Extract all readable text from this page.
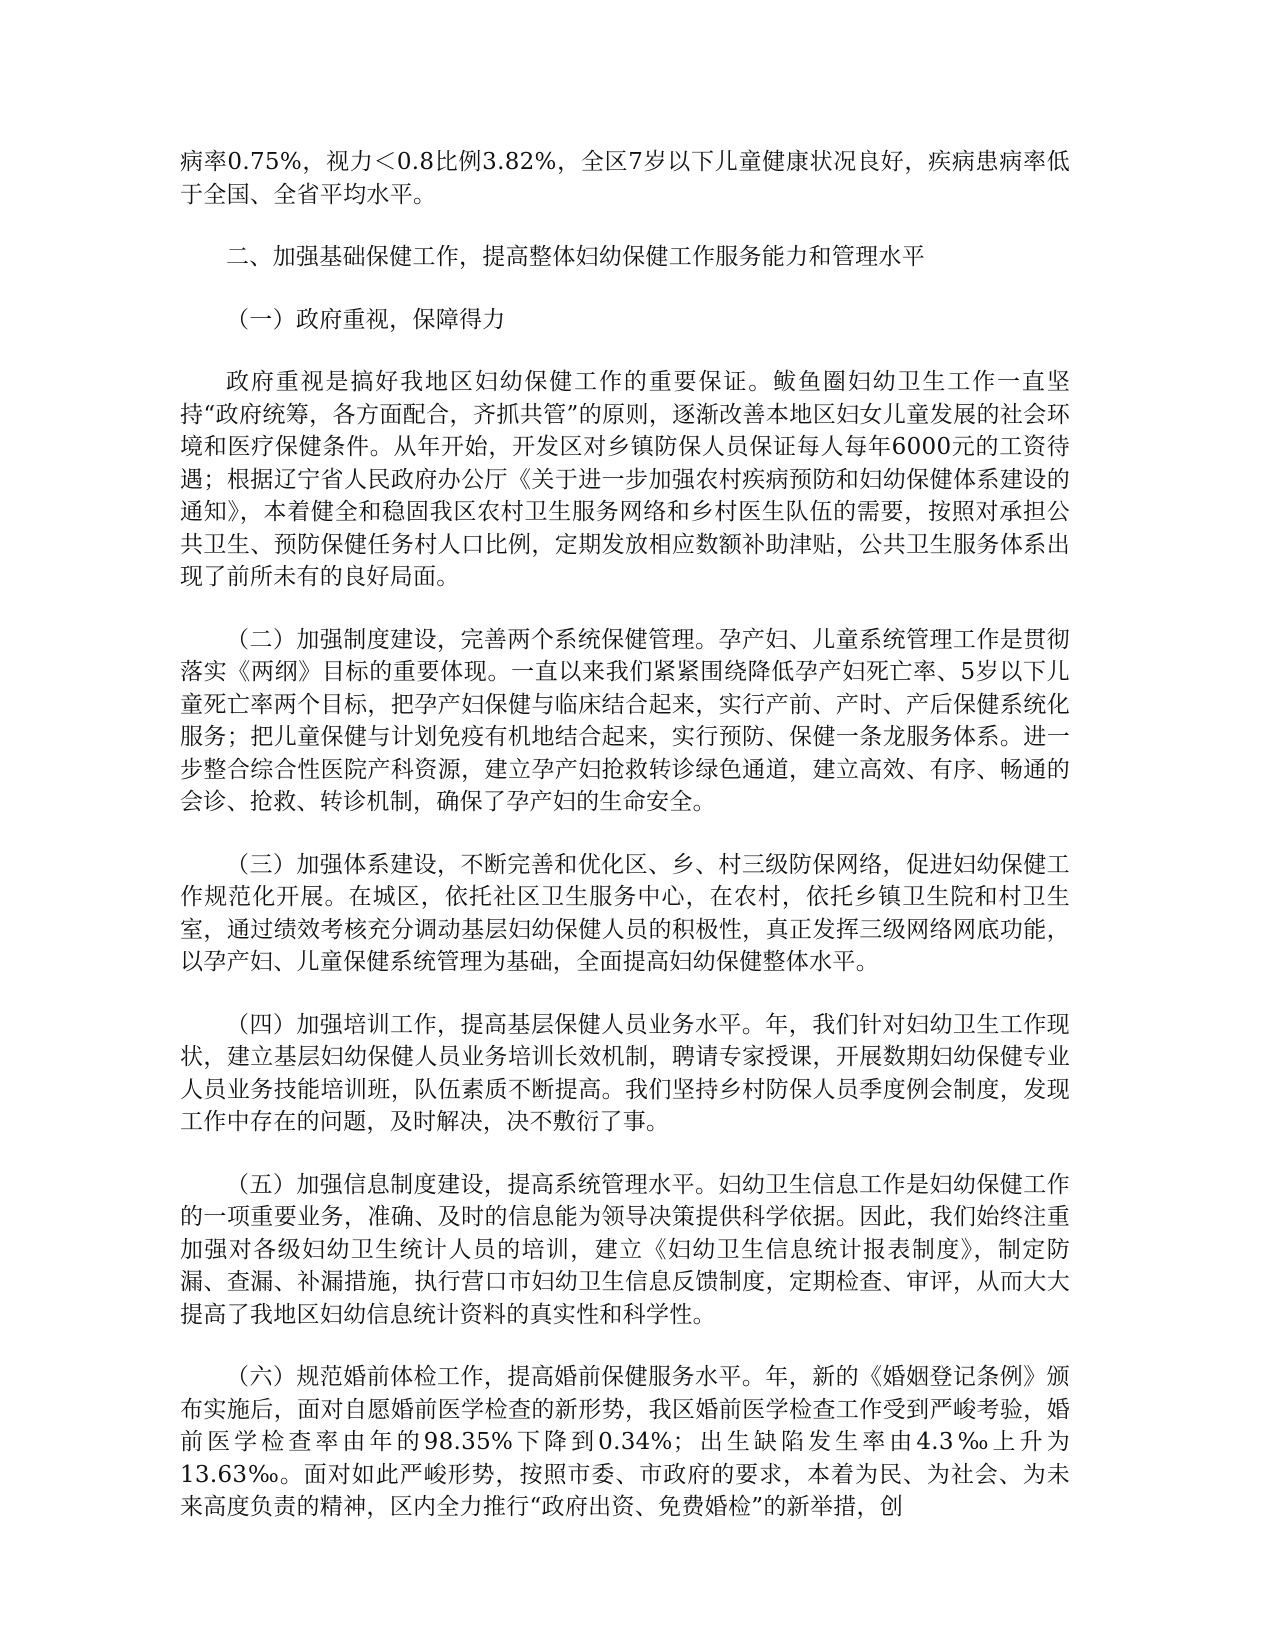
病率0.75%，视力＜0.8比例3.82%，全区7岁以下儿童健康状况良好，疾病患病率低于全国、全省平均水平。

二、加强基础保健工作，提高整体妇幼保健工作服务能力和管理水平

（一）政府重视，保障得力

政府重视是搞好我地区妇幼保健工作的重要保证。鲅鱼圈妇幼卫生工作一直坚持“政府统筹，各方面配合，齐抓共管”的原则，逐渐改善本地区妇女儿童发展的社会环境和医疗保健条件。从年开始，开发区对乡镇防保人员保证每人每年6000元的工资待遇；根据辽宁省人民政府办公厅《关于进一步加强农村疾病预防和妇幼保健体系建设的通知》，本着健全和稳固我区农村卫生服务网络和乡村医生队伍的需要，按照对承担公共卫生、预防保健任务村人口比例，定期发放相应数额补助津贴，公共卫生服务体系出现了前所未有的良好局面。

（二）加强制度建设，完善两个系统保健管理。孕产妇、儿童系统管理工作是贯彻落实《两纲》目标的重要体现。一直以来我们紧紧围绕降低孕产妇死亡率、5岁以下儿童死亡率两个目标，把孕产妇保健与临床结合起来，实行产前、产时、产后保健系统化服务；把儿童保健与计划免疫有机地结合起来，实行预防、保健一条龙服务体系。进一步整合综合性医院产科资源，建立孕产妇抢救转诊绿色通道，建立高效、有序、畅通的会诊、抢救、转诊机制，确保了孕产妇的生命安全。

（三）加强体系建设，不断完善和优化区、乡、村三级防保网络，促进妇幼保健工作规范化开展。在城区，依托社区卫生服务中心，在农村，依托乡镇卫生院和村卫生室，通过绩效考核充分调动基层妇幼保健人员的积极性，真正发挥三级网络网底功能，以孕产妇、儿童保健系统管理为基础，全面提高妇幼保健整体水平。

（四）加强培训工作，提高基层保健人员业务水平。年，我们针对妇幼卫生工作现状，建立基层妇幼保健人员业务培训长效机制，聘请专家授课，开展数期妇幼保健专业人员业务技能培训班，队伍素质不断提高。我们坚持乡村防保人员季度例会制度，发现工作中存在的问题，及时解决，决不敷衍了事。

（五）加强信息制度建设，提高系统管理水平。妇幼卫生信息工作是妇幼保健工作的一项重要业务，准确、及时的信息能为领导决策提供科学依据。因此，我们始终注重加强对各级妇幼卫生统计人员的培训，建立《妇幼卫生信息统计报表制度》，制定防漏、查漏、补漏措施，执行营口市妇幼卫生信息反馈制度，定期检查、审评，从而大大提高了我地区妇幼信息统计资料的真实性和科学性。

（六）规范婚前体检工作，提高婚前保健服务水平。年，新的《婚姻登记条例》颁布实施后，面对自愿婚前医学检查的新形势，我区婚前医学检查工作受到严峻考验，婚前医学检查率由年的98.35%下降到0.34%；出生缺陷发生率由4.3‰上升为13.63‰。面对如此严峻形势，按照市委、市政府的要求，本着为民、为社会、为未来高度负责的精神，区内全力推行“政府出资、免费婚检”的新举措，创
